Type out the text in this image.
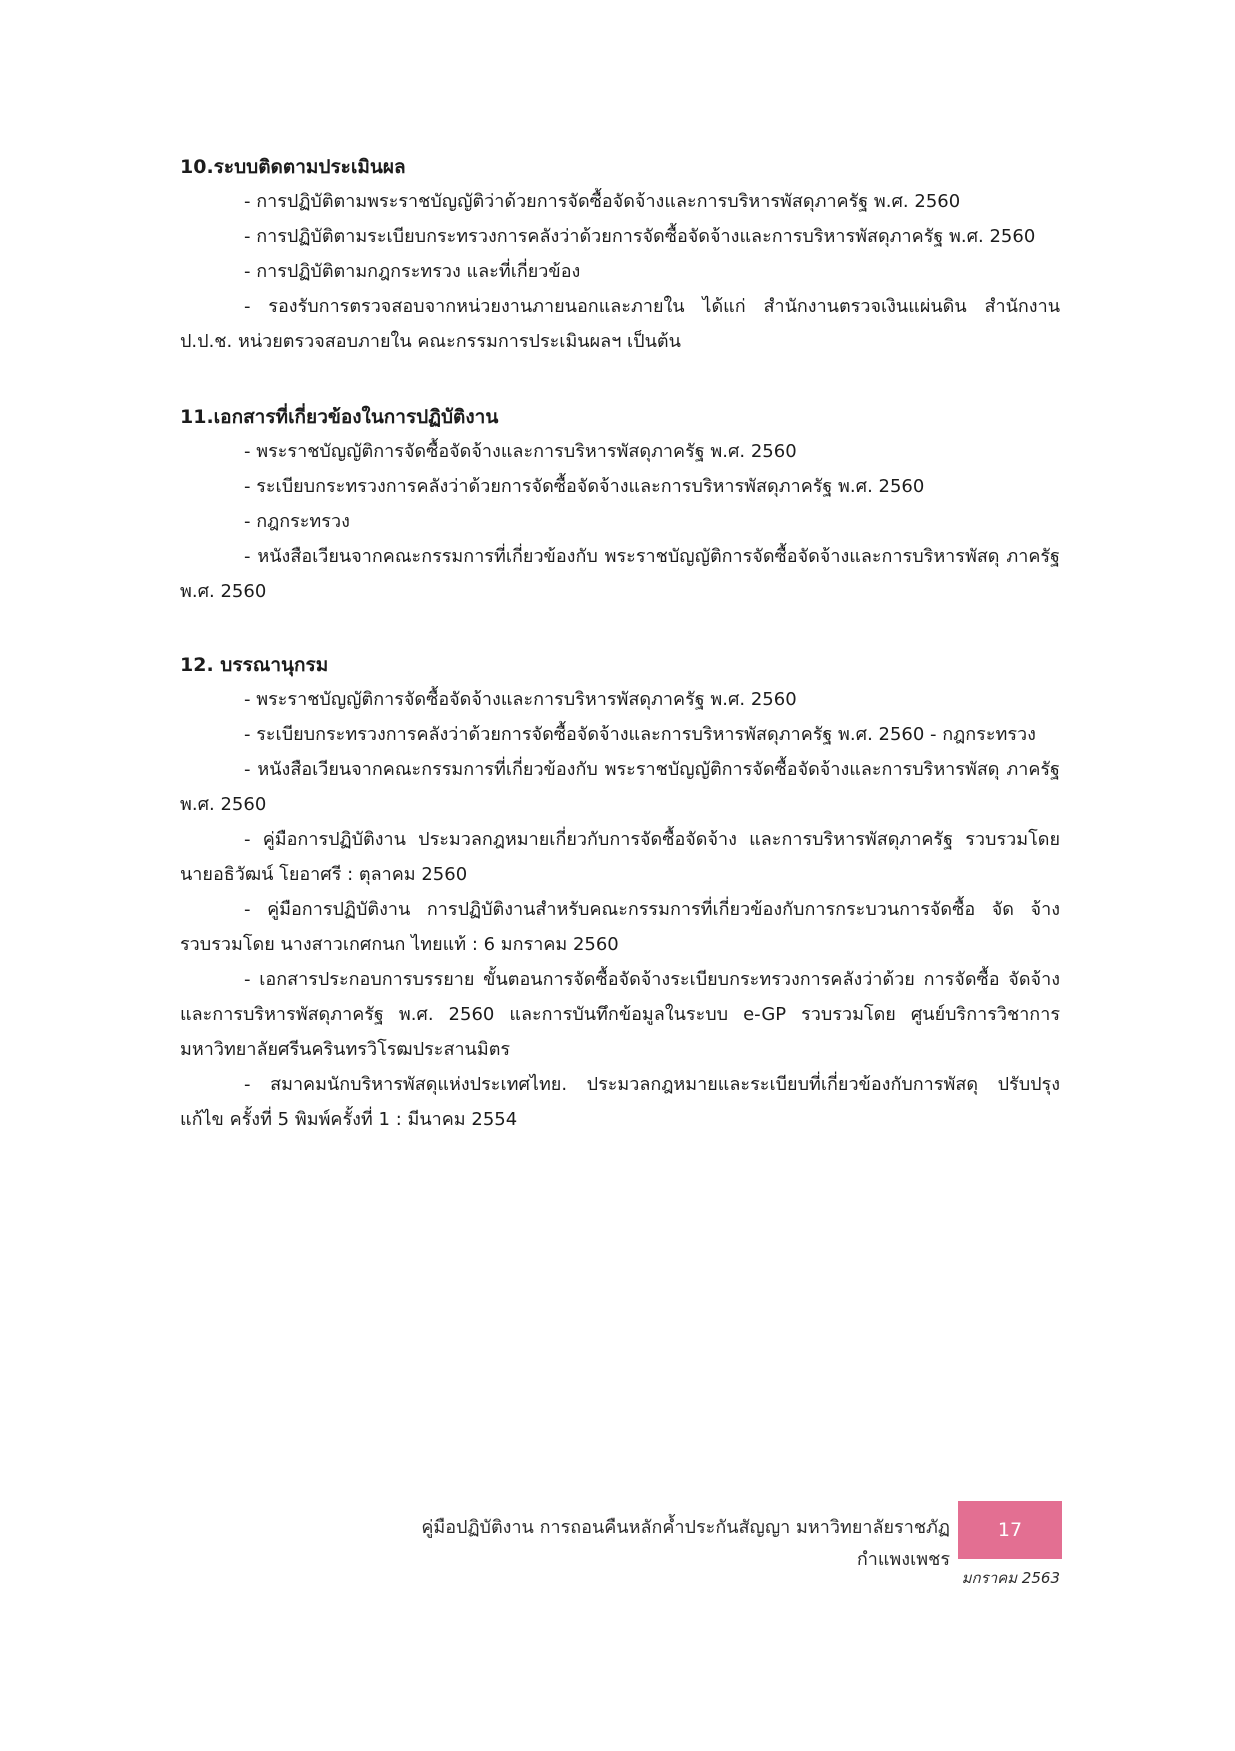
10.ระบบติดตามประเมินผล

- การปฏิบัติตามพระราชบัญญัติว่าด้วยการจัดซื้อจัดจ้างและการบริหารพัสดุภาครัฐ พ.ศ. 2560

- การปฏิบัติตามระเบียบกระทรวงการคลังว่าด้วยการจัดซื้อจัดจ้างและการบริหารพัสดุภาครัฐ พ.ศ. 2560

- การปฏิบัติตามกฎกระทรวง และที่เกี่ยวข้อง

- รองรับการตรวจสอบจากหน่วยงานภายนอกและภายใน ได้แก่ สำนักงานตรวจเงินแผ่นดิน สำนักงาน ป.ป.ช. หน่วยตรวจสอบภายใน คณะกรรมการประเมินผลฯ เป็นต้น

11.เอกสารที่เกี่ยวข้องในการปฏิบัติงาน

- พระราชบัญญัติการจัดซื้อจัดจ้างและการบริหารพัสดุภาครัฐ พ.ศ. 2560

- ระเบียบกระทรวงการคลังว่าด้วยการจัดซื้อจัดจ้างและการบริหารพัสดุภาครัฐ พ.ศ. 2560

- กฎกระทรวง

- หนังสือเวียนจากคณะกรรมการที่เกี่ยวข้องกับ พระราชบัญญัติการจัดซื้อจัดจ้างและการบริหารพัสดุ ภาครัฐ พ.ศ. 2560

12. บรรณานุกรม

- พระราชบัญญัติการจัดซื้อจัดจ้างและการบริหารพัสดุภาครัฐ พ.ศ. 2560

- ระเบียบกระทรวงการคลังว่าด้วยการจัดซื้อจัดจ้างและการบริหารพัสดุภาครัฐ พ.ศ. 2560 - กฎกระทรวง

- หนังสือเวียนจากคณะกรรมการที่เกี่ยวข้องกับ พระราชบัญญัติการจัดซื้อจัดจ้างและการบริหารพัสดุ ภาครัฐ พ.ศ. 2560

- คู่มือการปฏิบัติงาน ประมวลกฎหมายเกี่ยวกับการจัดซื้อจัดจ้าง และการบริหารพัสดุภาครัฐ รวบรวมโดย นายอธิวัฒน์ โยอาศรี : ตุลาคม 2560

- คู่มือการปฏิบัติงาน การปฏิบัติงานสำหรับคณะกรรมการที่เกี่ยวข้องกับการกระบวนการจัดซื้อ จัด จ้าง รวบรวมโดย นางสาวเกศกนก ไทยแท้ : 6 มกราคม 2560

- เอกสารประกอบการบรรยาย ขั้นตอนการจัดซื้อจัดจ้างระเบียบกระทรวงการคลังว่าด้วย การจัดซื้อ จัดจ้างและการบริหารพัสดุภาครัฐ พ.ศ. 2560 และการบันทึกข้อมูลในระบบ e-GP รวบรวมโดย ศูนย์บริการวิชาการ มหาวิทยาลัยศรีนครินทรวิโรฒประสานมิตร

- สมาคมนักบริหารพัสดุแห่งประเทศไทย. ประมวลกฎหมายและระเบียบที่เกี่ยวข้องกับการพัสดุ ปรับปรุงแก้ไข ครั้งที่ 5 พิมพ์ครั้งที่ 1 : มีนาคม 2554

คู่มือปฏิบัติงาน การถอนคืนหลักค้ำประกันสัญญา มหาวิทยาลัยราชภัฏกำแพงเพชร
17
มกราคม 2563
